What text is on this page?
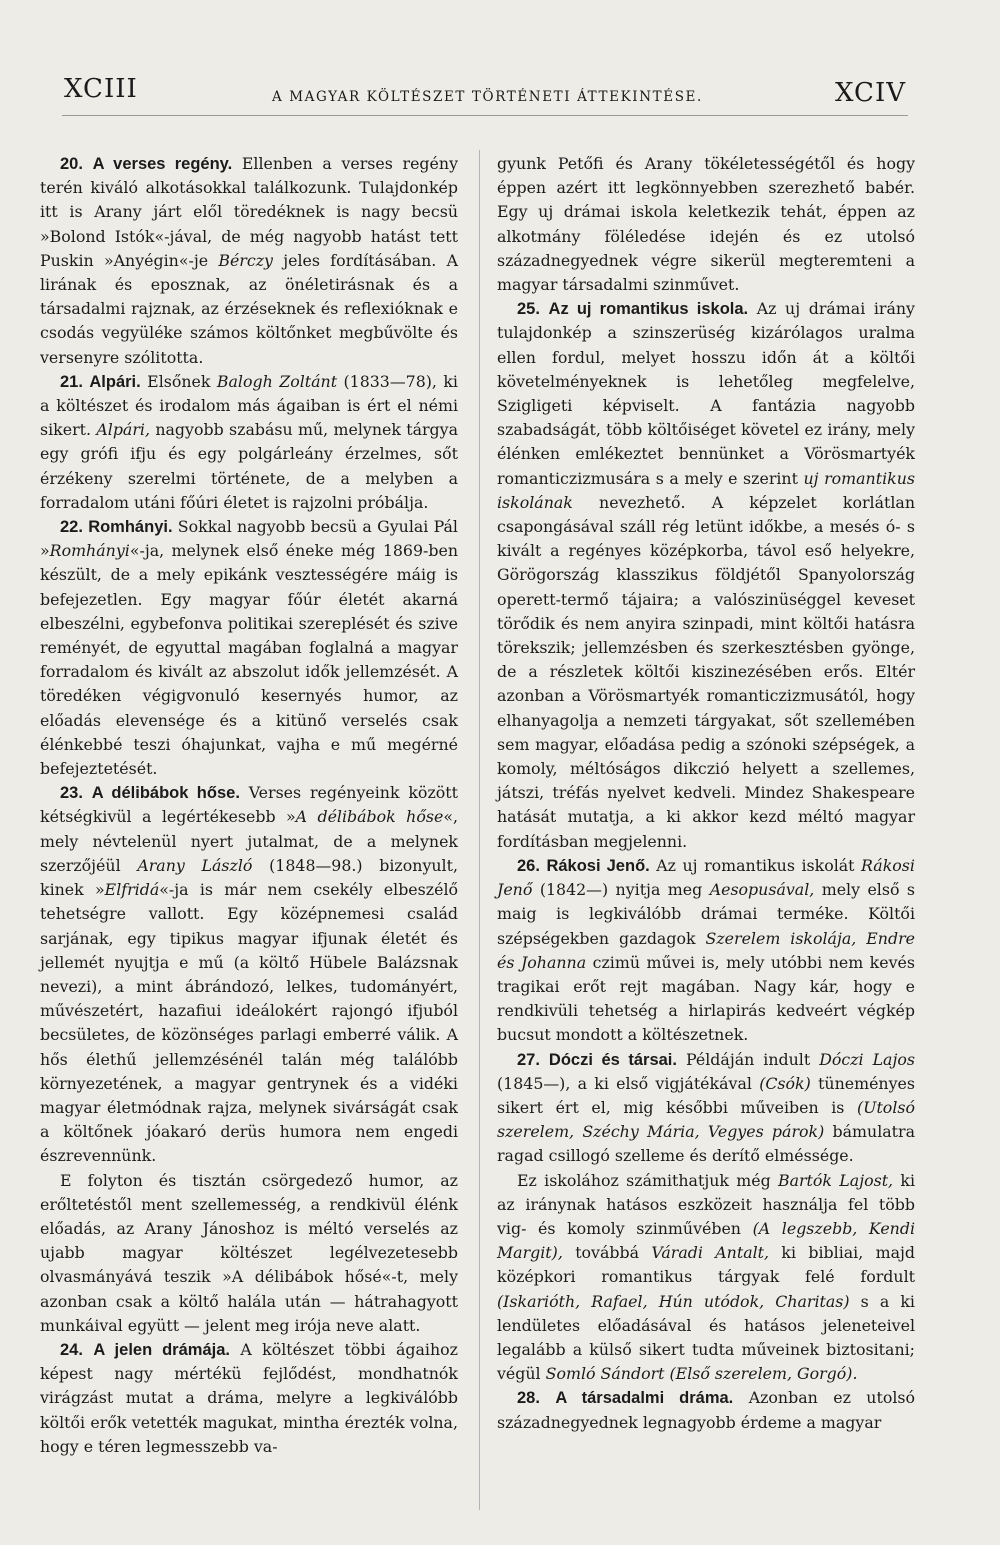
XCIII	A MAGYAR KÖLTÉSZET TÖRTÉNETI ÁTTEKINTÉSE.	XCIV

20. A verses regény. Ellenben a verses regény terén kiváló alkotásokkal találkozunk. Tulajdonkép itt is Arany járt elől töredéknek is nagy becsü »Bolond Istók«-jával, de még nagyobb hatást tett Puskin »Anyégin«-je Bérczy jeles fordításában. A lirának és eposznak, az önéletirásnak és a társadalmi rajznak, az érzéseknek és reflexióknak e csodás vegyüléke számos költőnket megbűvölte és versenyre szólitotta.

21. Alpári. Elsőnek Balogh Zoltánt (1833—78), ki a költészet és irodalom más ágaiban is ért el némi sikert. Alpári, nagyobb szabásu mű, melynek tárgya egy grófi ifju és egy polgárleány érzelmes, sőt érzékeny szerelmi története, de a melyben a forradalom utáni főúri életet is rajzolni próbálja.

22. Romhányi. Sokkal nagyobb becsü a Gyulai Pál »Romhányi«-ja, melynek első éneke még 1869-ben készült, de a mely epikánk vesztességére máig is befejezetlen. Egy magyar főúr életét akarná elbeszélni, egybefonva politikai szereplését és szive reményét, de egyuttal magában foglalná a magyar forradalom és kivált az abszolut idők jellemzését. A töredéken végigvonuló kesernyés humor, az előadás elevensége és a kitünő verselés csak élénkebbé teszi óhajunkat, vajha e mű megérné befejeztetését.

23. A délibábok hőse. Verses regényeink között kétségkivül a legértékesebb »A délibábok hőse«, mely névtelenül nyert jutalmat, de a melynek szerzőjéül Arany László (1848—98.) bizonyult, kinek »Elfridá«-ja is már nem csekély elbeszélő tehetségre vallott. Egy középnemesi család sarjának, egy tipikus magyar ifjunak életét és jellemét nyujtja e mű (a költő Hübele Balázsnak nevezi), a mint ábrándozó, lelkes, tudományért, művészetért, hazafiui ideálokért rajongó ifjuból becsületes, de közönséges parlagi emberré válik. A hős élethű jellemzésénél talán még találóbb környezetének, a magyar gentrynek és a vidéki magyar életmódnak rajza, melynek sivárságát csak a költőnek jóakaró derüs humora nem engedi észrevennünk.

E folyton és tisztán csörgedező humor, az erőltetéstől ment szellemesség, a rendkivül élénk előadás, az Arany Jánoshoz is méltó verselés az ujabb magyar költészet legélvezetesebb olvasmányává teszik »A délibábok hősé«-t, mely azonban csak a költő halála után — hátrahagyott munkáival együtt — jelent meg irója neve alatt.

24. A jelen drámája. A költészet többi ágaihoz képest nagy mértékü fejlődést, mondhatnók virágzást mutat a dráma, melyre a legkiválóbb költői erők vetették magukat, mintha érezték volna, hogy e téren legmesszebb va-

gyunk Petőfi és Arany tökéletességétől és hogy éppen azért itt legkönnyebben szerezhető babér. Egy uj drámai iskola keletkezik tehát, éppen az alkotmány föléledése idején és ez utolsó századnegyednek végre sikerül megteremteni a magyar társadalmi szinművet.

25. Az uj romantikus iskola. Az uj drámai irány tulajdonkép a szinszerüség kizárólagos uralma ellen fordul, melyet hosszu időn át a költői követelményeknek is lehetőleg megfelelve, Szigligeti képviselt. A fantázia nagyobb szabadságát, több költőiséget követel ez irány, mely élénken emlékeztet bennünket a Vörösmartyék romanticzizmusára s a mely e szerint uj romantikus iskolának nevezhető. A képzelet korlátlan csapongásával száll rég letünt időkbe, a mesés ó- s kivált a regényes középkorba, távol eső helyekre, Görögország klasszikus földjétől Spanyolország operett-termő tájaira; a valószinüséggel keveset törődik és nem anyira szinpadi, mint költői hatásra törekszik; jellemzésben és szerkesztésben gyönge, de a részletek költői kiszinezésében erős. Eltér azonban a Vörösmartyék romanticzizmusától, hogy elhanyagolja a nemzeti tárgyakat, sőt szellemében sem magyar, előadása pedig a szónoki szépségek, a komoly, méltóságos dikczió helyett a szellemes, játszi, tréfás nyelvet kedveli. Mindez Shakespeare hatását mutatja, a ki akkor kezd méltó magyar fordításban megjelenni.

26. Rákosi Jenő. Az uj romantikus iskolát Rákosi Jenő (1842—) nyitja meg Aesopusával, mely első s maig is legkiválóbb drámai terméke. Költői szépségekben gazdagok Szerelem iskolája, Endre és Johanna czimü művei is, mely utóbbi nem kevés tragikai erőt rejt magában. Nagy kár, hogy e rendkivüli tehetség a hirlapirás kedveért végkép bucsut mondott a költészetnek.

27. Dóczi és társai. Példáján indult Dóczi Lajos (1845—), a ki első vigjátékával (Csók) tüneményes sikert ért el, mig későbbi műveiben is (Utolsó szerelem, Széchy Mária, Vegyes párok) bámulatra ragad csillogó szelleme és derítő elméssége.

Ez iskolához számithatjuk még Bartók Lajost, ki az iránynak hatásos eszközeit használja fel több vig- és komoly szinművében (A legszebb, Kendi Margit), továbbá Váradi Antalt, ki bibliai, majd középkori romantikus tárgyak felé fordult (Iskarióth, Rafael, Hún utódok, Charitas) s a ki lendületes előadásával és hatásos jeleneteivel legalább a külső sikert tudta műveinek biztositani; végül Somló Sándort (Első szerelem, Gorgó).

28. A társadalmi dráma. Azonban ez utolsó századnegyednek legnagyobb érdeme a magyar
